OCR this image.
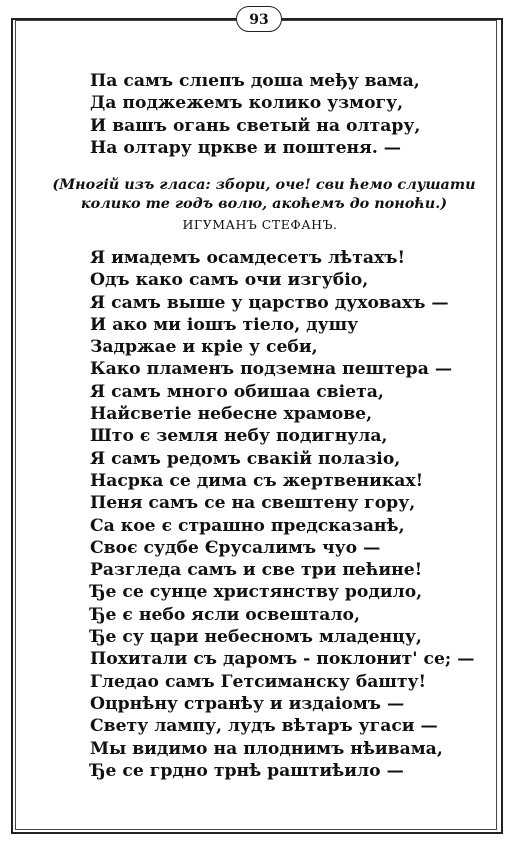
93
Па самъ слıепъ доша међу вама,
Да поджежемъ колико узмогу,
И вашъ огань светый на олтару,
На олтару цркве и поштеня. —
(Многій изъ гласа: збори, оче! сви ћемо слушати
колико те годъ волю, акоћемъ до поноћи.)
ИГУМАНЪ СТЕФАНЪ.
Я имадемъ осамдесетъ лѣтахъ!
Одъ како самъ очи изгубіо,
Я самъ выше у царство духовахъ —
И ако ми іошъ тіело, душу
Задржае и кріе у себи,
Како пламенъ подземна пештера —
Я самъ много обишаа свіета,
Найсветіе небесне храмове,
Што є земля небу подигнула,
Я самъ редомъ свакій полазіо,
Насрка се дима съ жертвениках!
Пеня самъ се на свештену гору,
Са кое є страшно предсказанѣ,
Своє судбе Єрусалимъ чуо —
Разгледа самъ и све три пећине!
Ђе се сунце христянству родило,
Ђе є небо ясли освештало,
Ђе су цари небесномъ младенцу,
Похитали съ даромъ - поклонит' се; —
Гледао самъ Гетсиманску башту!
Оцрнѣну странѣу и издаіомъ —
Свету лампу, лудъ вѣтаръ угаси —
Мы видимо на плоднимъ нѣивама,
Ђе се грдно трнѣ раштиѣило —
